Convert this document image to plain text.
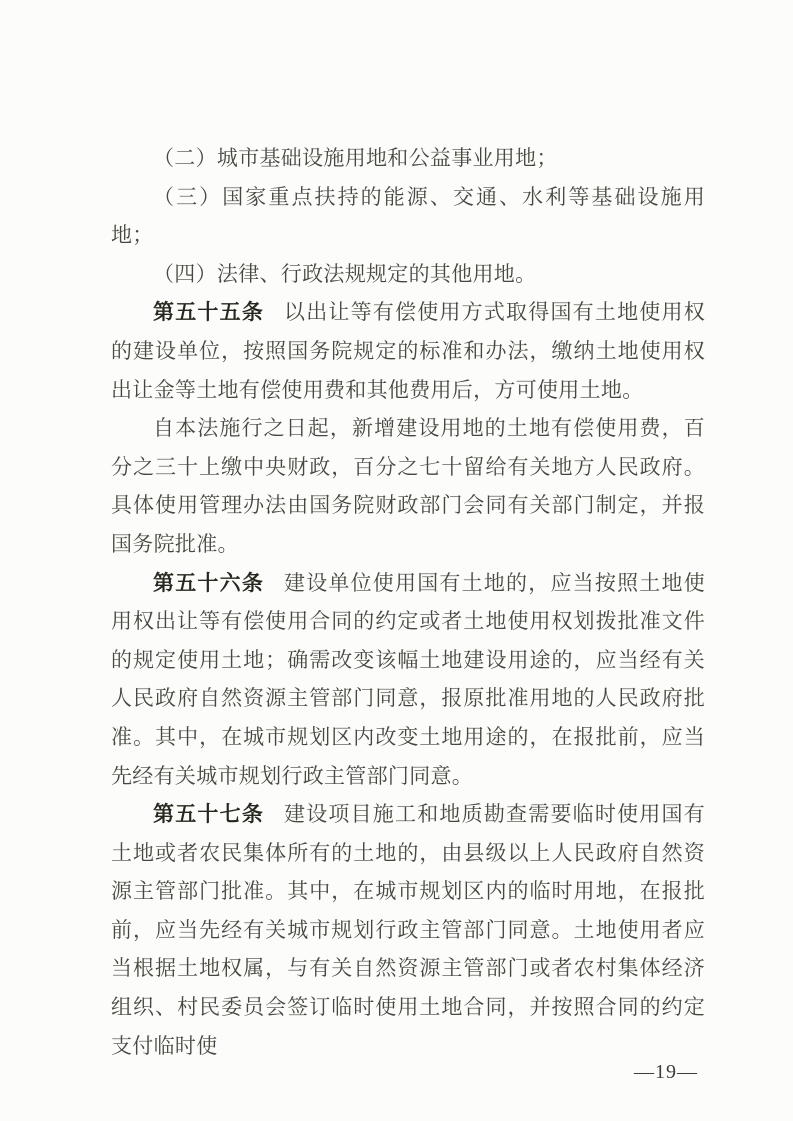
（二）城市基础设施用地和公益事业用地；

（三）国家重点扶持的能源、交通、水利等基础设施用地；

（四）法律、行政法规规定的其他用地。

第五十五条 以出让等有偿使用方式取得国有土地使用权的建设单位，按照国务院规定的标准和办法，缴纳土地使用权出让金等土地有偿使用费和其他费用后，方可使用土地。

自本法施行之日起，新增建设用地的土地有偿使用费，百分之三十上缴中央财政，百分之七十留给有关地方人民政府。具体使用管理办法由国务院财政部门会同有关部门制定，并报国务院批准。

第五十六条 建设单位使用国有土地的，应当按照土地使用权出让等有偿使用合同的约定或者土地使用权划拨批准文件的规定使用土地；确需改变该幅土地建设用途的，应当经有关人民政府自然资源主管部门同意，报原批准用地的人民政府批准。其中，在城市规划区内改变土地用途的，在报批前，应当先经有关城市规划行政主管部门同意。

第五十七条 建设项目施工和地质勘查需要临时使用国有土地或者农民集体所有的土地的，由县级以上人民政府自然资源主管部门批准。其中，在城市规划区内的临时用地，在报批前，应当先经有关城市规划行政主管部门同意。土地使用者应当根据土地权属，与有关自然资源主管部门或者农村集体经济组织、村民委员会签订临时使用土地合同，并按照合同的约定支付临时使

—19—
